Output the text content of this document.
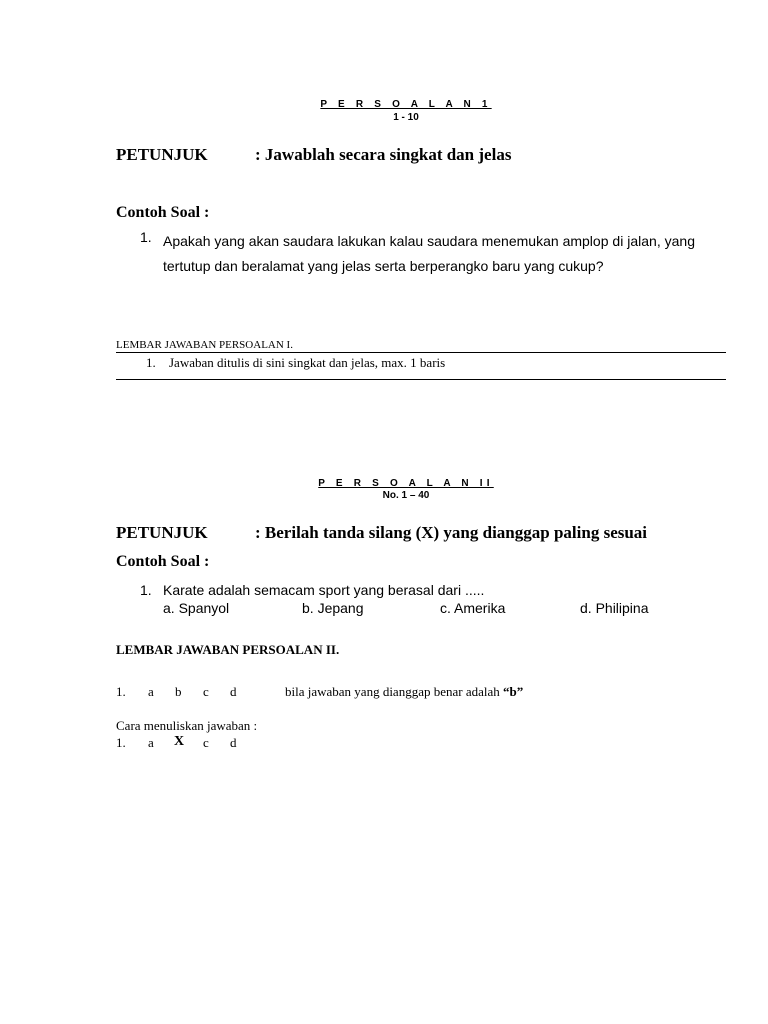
P E R S O A L A N 1
1 - 10
PETUNJUK	: Jawablah secara singkat dan jelas
Contoh Soal :
1. Apakah yang akan saudara lakukan kalau saudara menemukan amplop di jalan, yang tertutup dan beralamat yang jelas serta berperangko baru yang cukup?
LEMBAR JAWABAN PERSOALAN I.
1. Jawaban ditulis di sini singkat dan jelas, max. 1 baris
P E R S O A L A N II
No. 1 – 40
PETUNJUK	: Berilah tanda silang (X) yang dianggap paling sesuai
Contoh Soal :
1. Karate adalah semacam sport yang berasal dari .....
a. Spanyol	b. Jepang	c. Amerika	d. Philipina
LEMBAR JAWABAN PERSOALAN II.
1. a b c d	bila jawaban yang dianggap benar adalah “b”
Cara menuliskan jawaban :
1. a X c d
